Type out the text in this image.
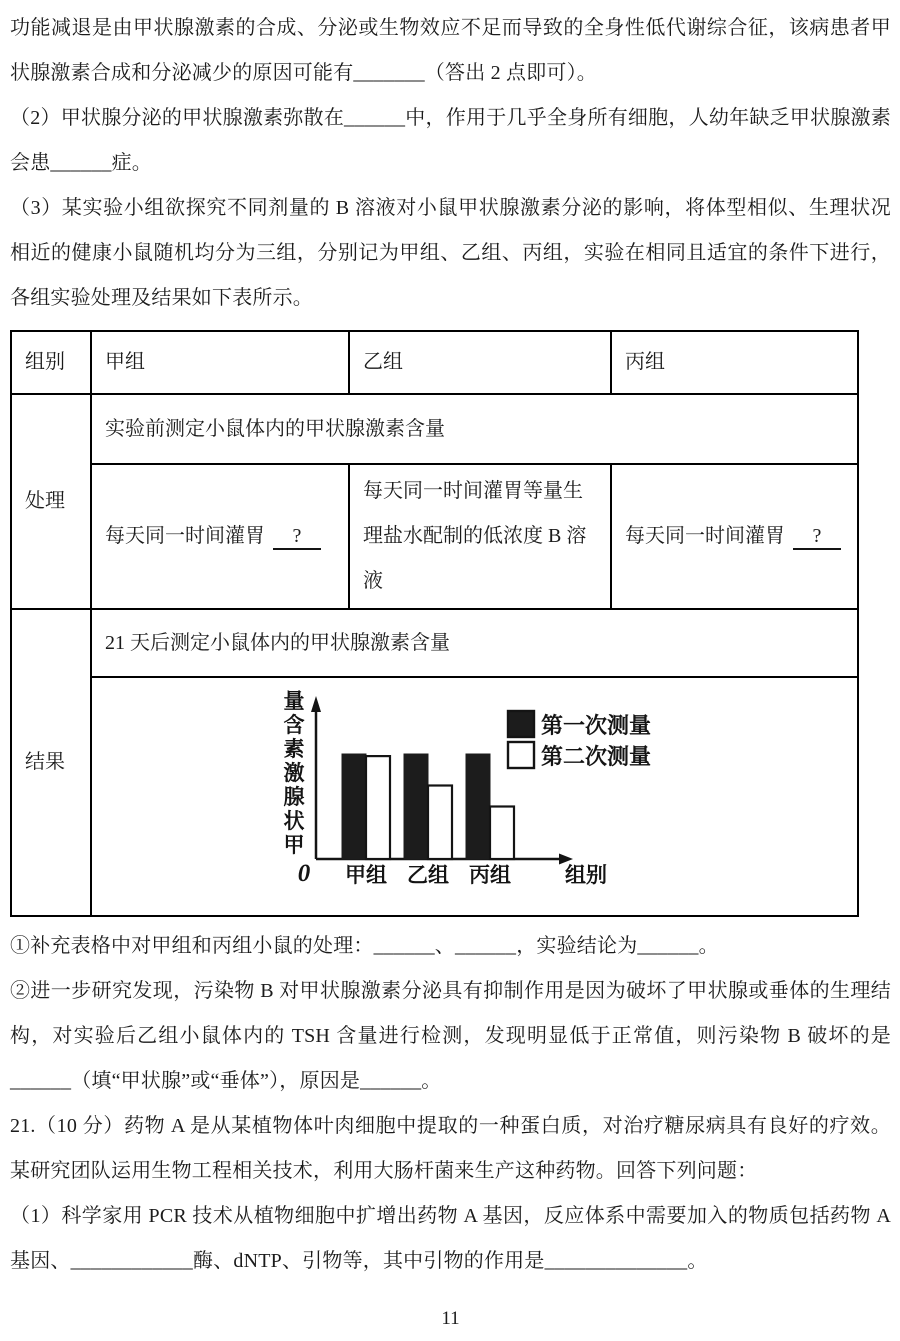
功能减退是由甲状腺激素的合成、分泌或生物效应不足而导致的全身性低代谢综合征，该病患者甲状腺激素合成和分泌减少的原因可能有_______（答出 2 点即可）。

（2）甲状腺分泌的甲状腺激素弥散在______中，作用于几乎全身所有细胞，人幼年缺乏甲状腺激素会患______症。

（3）某实验小组欲探究不同剂量的 B 溶液对小鼠甲状腺激素分泌的影响，将体型相似、生理状况相近的健康小鼠随机均分为三组，分别记为甲组、乙组、丙组，实验在相同且适宜的条件下进行，各组实验处理及结果如下表所示。

组别	甲组	乙组	丙组
处理	实验前测定小鼠体内的甲状腺激素含量		
	每天同一时间灌胃 ?	每天同一时间灌胃等量生理盐水配制的低浓度 B 溶液	每天同一时间灌胃 ?
结果	21 天后测定小鼠体内的甲状腺激素含量		

量
含
素
激
腺
状
甲
0 甲组 乙组 丙组	组别
第一次测量
第二次测量

①补充表格中对甲组和丙组小鼠的处理：______、______，实验结论为______。

②进一步研究发现，污染物 B 对甲状腺激素分泌具有抑制作用是因为破坏了甲状腺或垂体的生理结构，对实验后乙组小鼠体内的 TSH 含量进行检测，发现明显低于正常值，则污染物 B 破坏的是______（填“甲状腺”或“垂体”），原因是______。

21.（10 分）药物 A 是从某植物体叶肉细胞中提取的一种蛋白质，对治疗糖尿病具有良好的疗效。某研究团队运用生物工程相关技术，利用大肠杆菌来生产这种药物。回答下列问题：

（1）科学家用 PCR 技术从植物细胞中扩增出药物 A 基因，反应体系中需要加入的物质包括药物 A 基因、____________酶、dNTP、引物等，其中引物的作用是______________。

11
